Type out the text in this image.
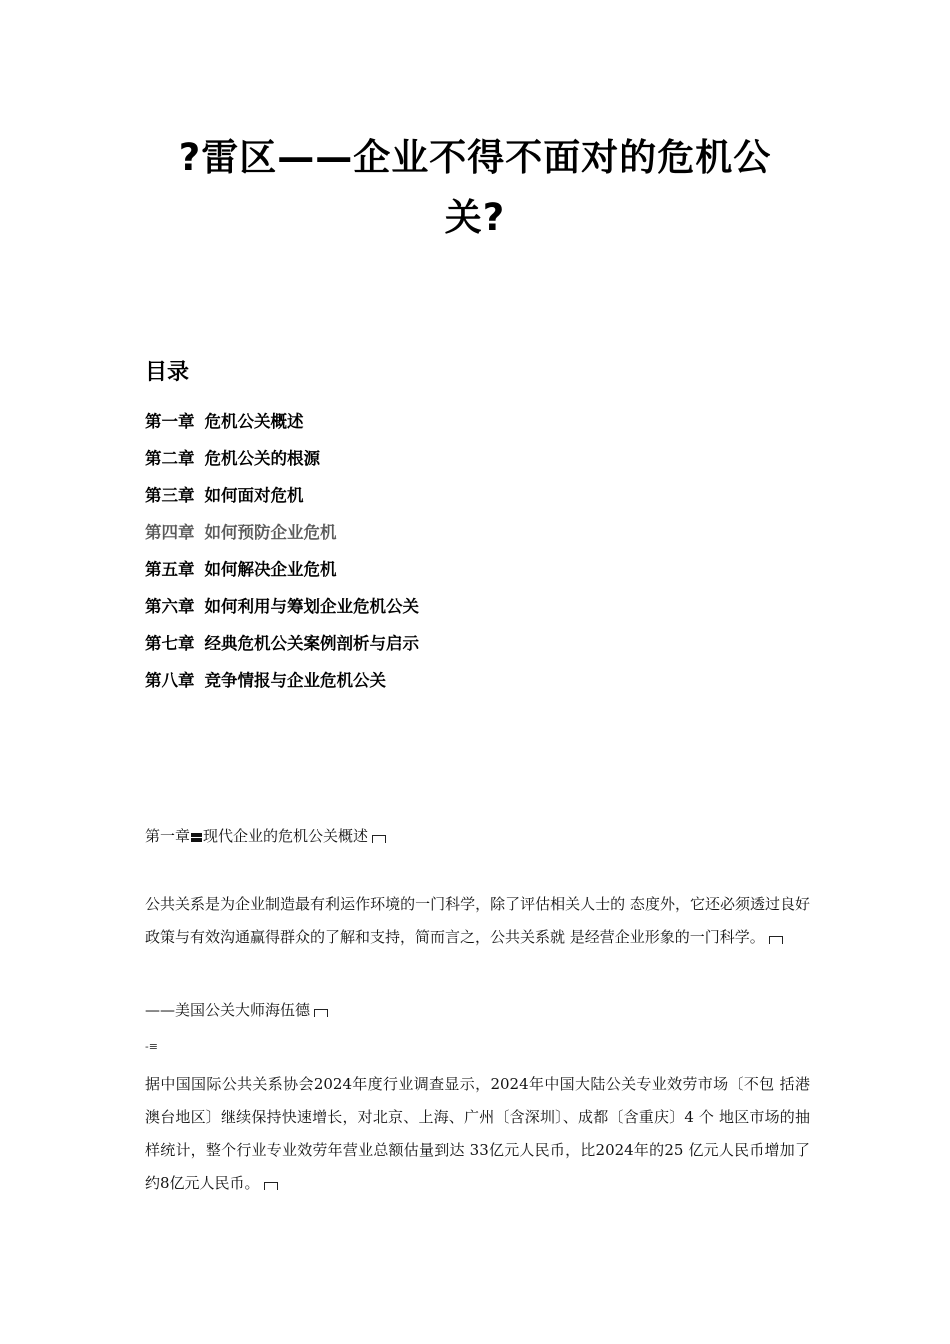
?雷区——企业不得不面对的危机公
关?
目录
第一章 危机公关概述
第二章 危机公关的根源
第三章 如何面对危机
第四章 如何预防企业危机
第五章 如何解决企业危机
第六章 如何利用与筹划企业危机公关
第七章 经典危机公关案例剖析与启示
第八章 竞争情报与企业危机公关
第一章 现代企业的危机公关概述
公共关系是为企业制造最有利运作环境的一门科学，除了评估相关人士的 态度外，它还必须透过良好政策与有效沟通赢得群众的了解和支持，简而言之，公共关系就 是经营企业形象的一门科学。
——美国公关大师海伍德
-≡
据中国国际公共关系协会2024年度行业调查显示，2024年中国大陆公关专业效劳市场〔不包 括港澳台地区〕继续保持快速增长，对北京、上海、广州〔含深圳〕、成都〔含重庆〕4 个 地区市场的抽样统计，整个行业专业效劳年营业总额估量到达 33亿元人民币，比2024年的25 亿元人民币增加了约8亿元人民币。
